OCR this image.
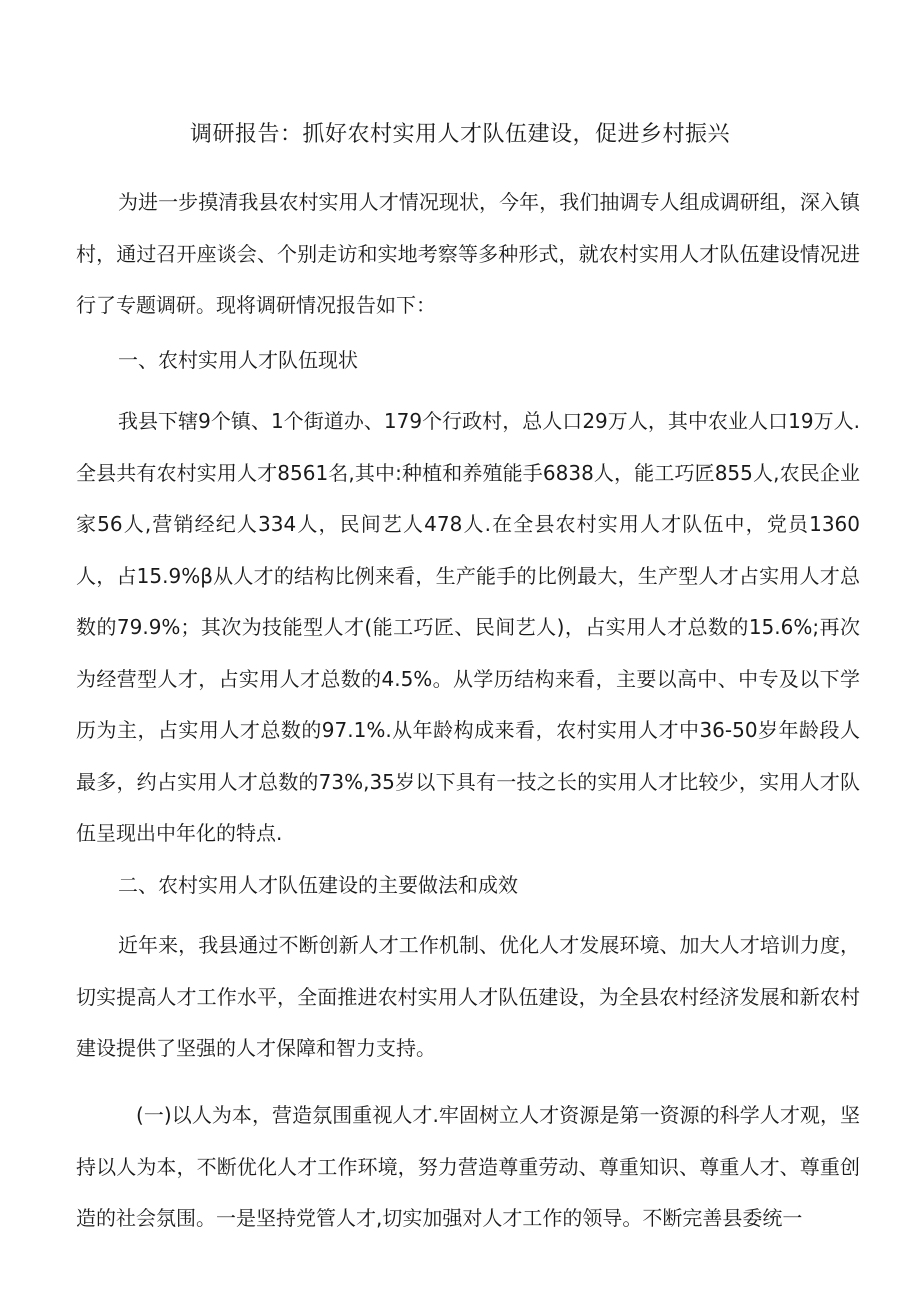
调研报告：抓好农村实用人才队伍建设，促进乡村振兴

为进一步摸清我县农村实用人才情况现状，今年，我们抽调专人组成调研组，深入镇村，通过召开座谈会、个别走访和实地考察等多种形式，就农村实用人才队伍建设情况进行了专题调研。现将调研情况报告如下：

一、农村实用人才队伍现状

我县下辖9个镇、1个街道办、179个行政村，总人口29万人，其中农业人口19万人.全县共有农村实用人才8561名,其中:种植和养殖能手6838人，能工巧匠855人,农民企业家56人,营销经纪人334人，民间艺人478人.在全县农村实用人才队伍中，党员1360人，占15.9%β从人才的结构比例来看，生产能手的比例最大，生产型人才占实用人才总数的79.9%；其次为技能型人才(能工巧匠、民间艺人)，占实用人才总数的15.6%;再次为经营型人才，占实用人才总数的4.5%。从学历结构来看，主要以高中、中专及以下学历为主，占实用人才总数的97.1%.从年龄构成来看，农村实用人才中36-50岁年龄段人最多，约占实用人才总数的73%,35岁以下具有一技之长的实用人才比较少，实用人才队伍呈现出中年化的特点.

二、农村实用人才队伍建设的主要做法和成效

近年来，我县通过不断创新人才工作机制、优化人才发展环境、加大人才培训力度，切实提高人才工作水平，全面推进农村实用人才队伍建设，为全县农村经济发展和新农村建设提供了坚强的人才保障和智力支持。

(一)以人为本，营造氛围重视人才.牢固树立人才资源是第一资源的科学人才观，坚持以人为本，不断优化人才工作环境，努力营造尊重劳动、尊重知识、尊重人才、尊重创造的社会氛围。一是坚持党管人才,切实加强对人才工作的领导。不断完善县委统一
